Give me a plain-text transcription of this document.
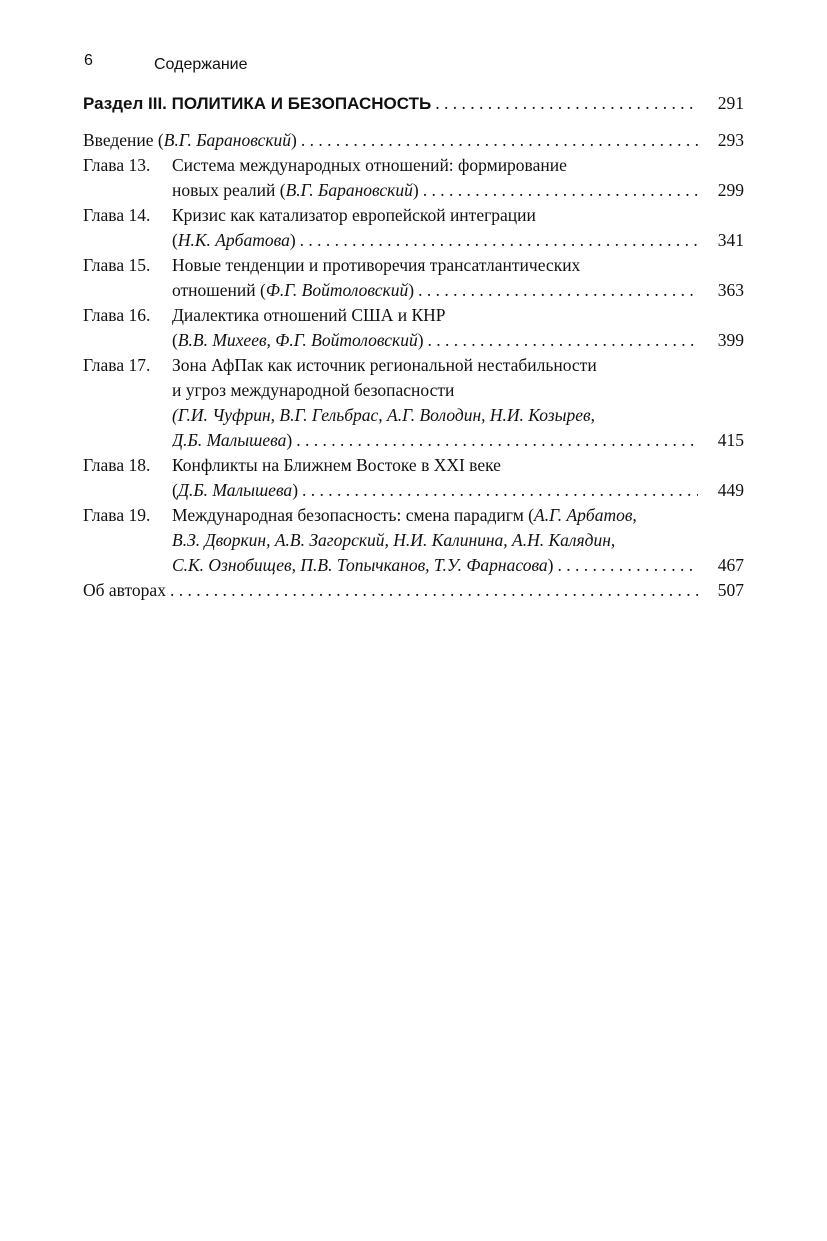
6	Содержание
Раздел III. ПОЛИТИКА И БЕЗОПАСНОСТЬ . . .	291
Введение (В.Г. Барановский) . . .	293
Глава 13. Система международных отношений: формирование
новых реалий (В.Г. Барановский) . . .	299
Глава 14. Кризис как катализатор европейской интеграции
(Н.К. Арбатова) . . .	341
Глава 15. Новые тенденции и противоречия трансатлантических
отношений (Ф.Г. Войтоловский) . . .	363
Глава 16. Диалектика отношений США и КНР
(В.В. Михеев, Ф.Г. Войтоловский) . . .	399
Глава 17. Зона АфПак как источник региональной нестабильности
и угроз международной безопасности
(Г.И. Чуфрин, В.Г. Гельбрас, А.Г. Володин, Н.И. Козырев,
Д.Б. Малышева) . . .	415
Глава 18. Конфликты на Ближнем Востоке в XXI веке
(Д.Б. Малышева) . . .	449
Глава 19. Международная безопасность: смена парадигм (А.Г. Арбатов,
В.З. Дворкин, А.В. Загорский, Н.И. Калинина, А.Н. Калядин,
С.К. Ознобищев, П.В. Топычканов, Т.У. Фарнасова) . . .	467
Об авторах . . .	507
